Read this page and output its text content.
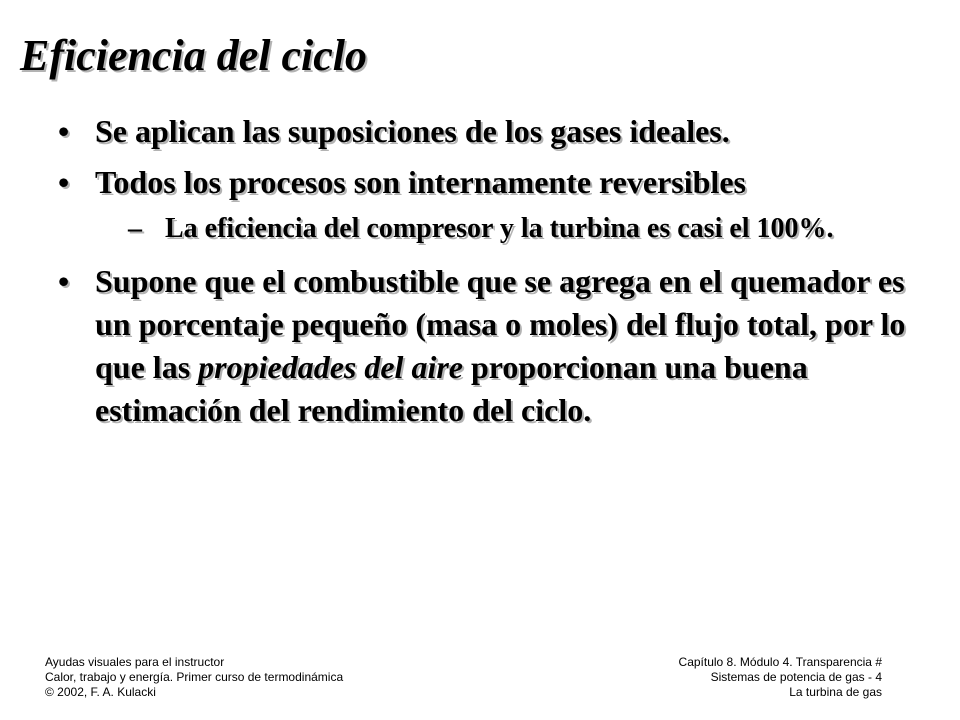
Eficiencia del ciclo
• Se aplican las suposiciones de los gases ideales.
• Todos los procesos son internamente reversibles
– La eficiencia del compresor y la turbina es casi el 100%.
• Supone que el combustible que se agrega en el quemador es un porcentaje pequeño (masa o moles) del flujo total, por lo que las propiedades del aire proporcionan una buena estimación del rendimiento del ciclo.
Ayudas visuales para el instructor
Calor, trabajo y energía. Primer curso de termodinámica
© 2002, F. A. Kulacki
Capítulo 8. Módulo 4. Transparencia #
Sistemas de potencia de gas - 4
La turbina de gas
